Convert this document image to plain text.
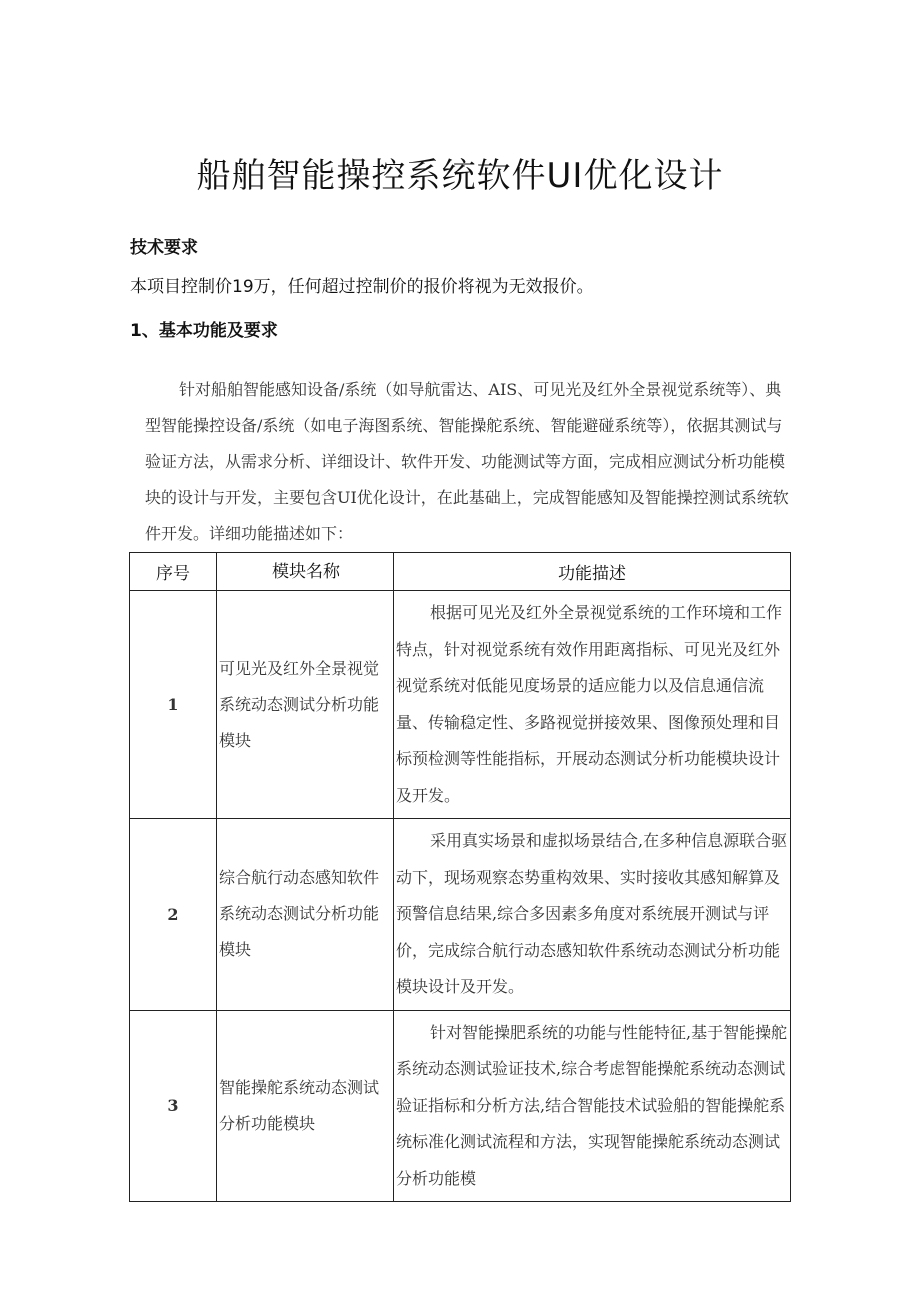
船舶智能操控系统软件UI优化设计

技术要求

本项目控制价19万，任何超过控制价的报价将视为无效报价。

1、基本功能及要求

针对船舶智能感知设备/系统（如导航雷达、AIS、可见光及红外全景视觉系统等）、典型智能操控设备/系统（如电子海图系统、智能操舵系统、智能避碰系统等），依据其测试与验证方法，从需求分析、详细设计、软件开发、功能测试等方面，完成相应测试分析功能模块的设计与开发，主要包含UI优化设计，在此基础上，完成智能感知及智能操控测试系统软件开发。详细功能描述如下：

序号	模块名称	功能描述
1	可见光及红外全景视觉系统动态测试分析功能模块	根据可见光及红外全景视觉系统的工作环境和工作特点，针对视觉系统有效作用距离指标、可见光及红外视觉系统对低能见度场景的适应能力以及信息通信流量、传输稳定性、多路视觉拼接效果、图像预处理和目标预检测等性能指标，开展动态测试分析功能模块设计及开发。
2	综合航行动态感知软件系统动态测试分析功能模块	采用真实场景和虚拟场景结合,在多种信息源联合驱动下，现场观察态势重构效果、实时接收其感知解算及预警信息结果,综合多因素多角度对系统展开测试与评价，完成综合航行动态感知软件系统动态测试分析功能模块设计及开发。
3	智能操舵系统动态测试分析功能模块	针对智能操肥系统的功能与性能特征,基于智能操舵系统动态测试验证技术,综合考虑智能操舵系统动态测试验证指标和分析方法,结合智能技术试验船的智能操舵系统标准化测试流程和方法，实现智能操舵系统动态测试分析功能模
